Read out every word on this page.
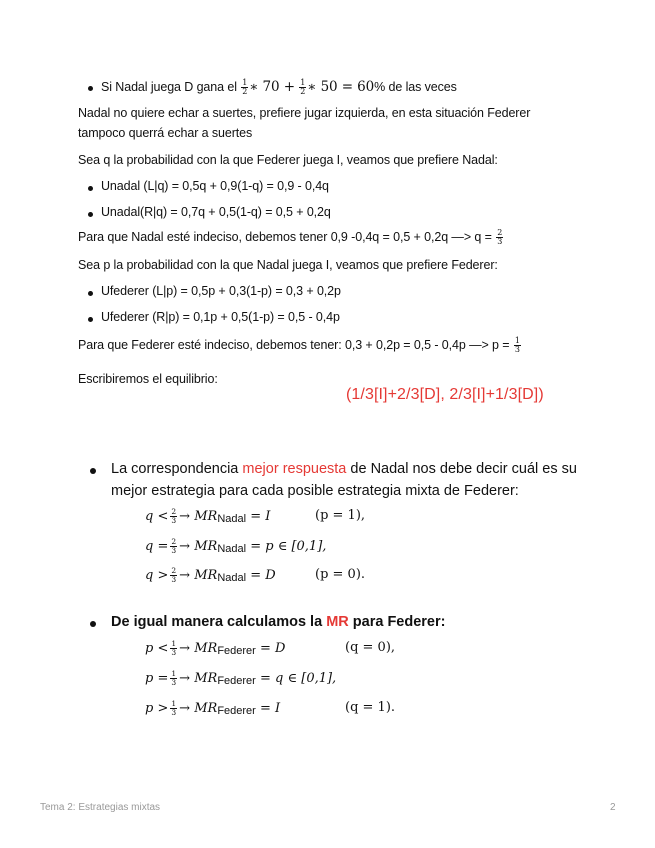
Si Nadal juega D gana el $\frac{1}{2}$ ∗ $70 + \frac{1}{2}$ ∗ 50 = 60% de las veces
Nadal no quiere echar a suertes, prefiere jugar izquierda, en esta situación Federer
tampoco querrá echar a suertes
Sea q la probabilidad con la que Federer juega I, veamos que prefiere Nadal:
Unadal (L|q) = 0,5q + 0,9(1-q) = 0,9 - 0,4q
Unadal(R|q) = 0,7q + 0,5(1-q) = 0,5 + 0,2q
Para que Nadal esté indeciso, debemos tener 0,9 -0,4q = 0,5 + 0,2q —> $q = \frac{2}{3}$
Sea p la probabilidad con la que Nadal juega I, veamos que prefiere Federer:
Ufederer (L|p) = 0,5p + 0,3(1-p) = 0,3 + 0,2p
Ufederer (R|p) = 0,1p + 0,5(1-p) = 0,5 - 0,4p
Para que Federer esté indeciso, debemos tener: 0,3 + 0,2p = 0,5 - 0,4p —> $p = \frac{1}{3}$
Escribiremos el equilibrio:
(1/3[I]+2/3[D], 2/3[I]+1/3[D])
La correspondencia mejor respuesta de Nadal nos debe decir cuál es su
mejor estrategia para cada posible estrategia mixta de Federer:
$q < \frac{2}{3}$ → MRNadal = I	(p = 1),
$q = \frac{2}{3}$ → MRNadal = p ∈ [0,1],
$q > \frac{2}{3}$ → MRNadal = D	(p = 0).
De igual manera calculamos la MR para Federer:
$p < \frac{1}{3}$ → MRFederer = D	(q = 0),
$p = \frac{1}{3}$ → MRFederer = q ∈ [0,1],
$p > \frac{1}{3}$ → MRFederer = I	(q = 1).
Tema 2: Estrategias mixtas	2
